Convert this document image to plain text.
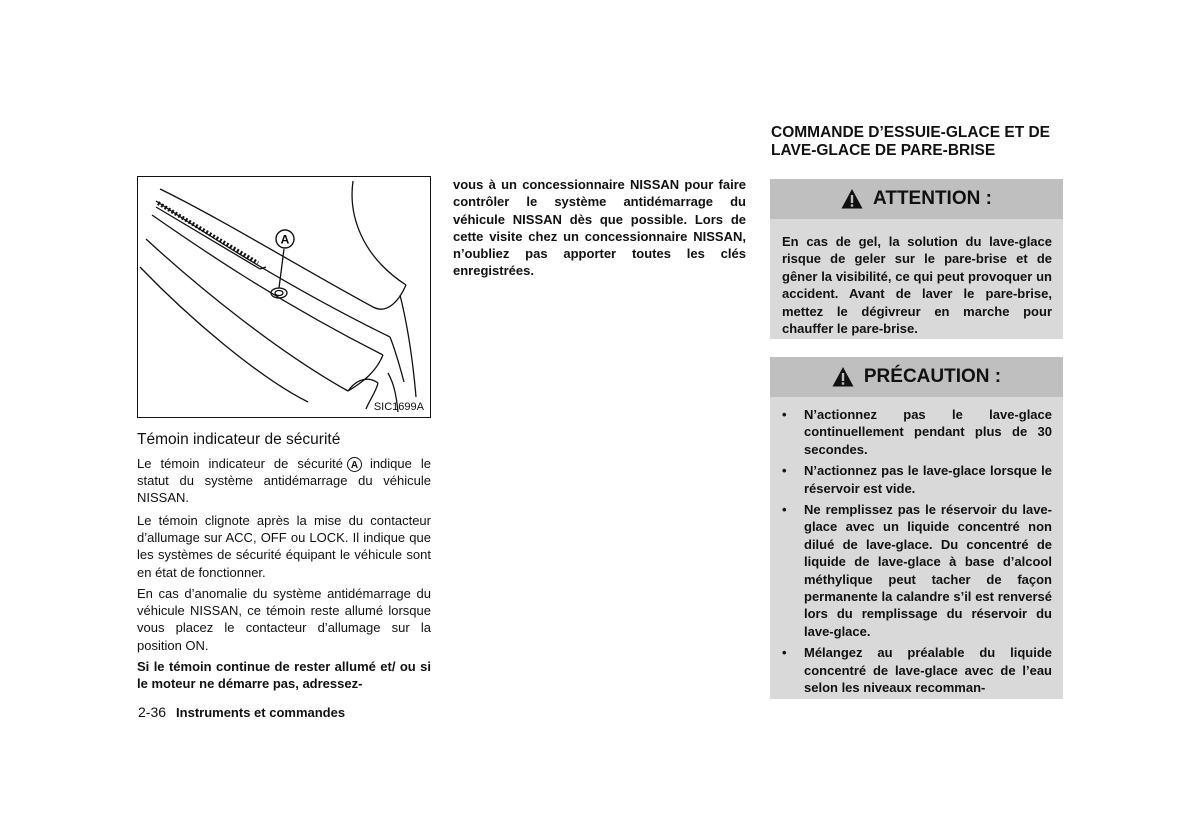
A
SIC1699A
Témoin indicateur de sécurité
Le témoin indicateur de sécurité A indique le statut du système antidémarrage du véhicule NISSAN.
Le témoin clignote après la mise du contacteur d’allumage sur ACC, OFF ou LOCK. Il indique que les systèmes de sécurité équipant le véhicule sont en état de fonctionner.
En cas d’anomalie du système antidémarrage du véhicule NISSAN, ce témoin reste allumé lorsque vous placez le contacteur d’allumage sur la position ON.
Si le témoin continue de rester allumé et/ ou si le moteur ne démarre pas, adressez-
vous à un concessionnaire NISSAN pour faire contrôler le système antidémarrage du véhicule NISSAN dès que possible. Lors de cette visite chez un concessionnaire NISSAN, n’oubliez pas apporter toutes les clés enregistrées.
COMMANDE D’ESSUIE-GLACE ET DE LAVE-GLACE DE PARE-BRISE
ATTENTION :
En cas de gel, la solution du lave-glace risque de geler sur le pare-brise et de gêner la visibilité, ce qui peut provoquer un accident. Avant de laver le pare-brise, mettez le dégivreur en marche pour chauffer le pare-brise.
PRÉCAUTION :
• N’actionnez pas le lave-glace continuellement pendant plus de 30 secondes.
• N’actionnez pas le lave-glace lorsque le réservoir est vide.
• Ne remplissez pas le réservoir du lave-glace avec un liquide concentré non dilué de lave-glace. Du concentré de liquide de lave-glace à base d’alcool méthylique peut tacher de façon permanente la calandre s’il est renversé lors du remplissage du réservoir du lave-glace.
• Mélangez au préalable du liquide concentré de lave-glace avec de l’eau selon les niveaux recomman-
2-36 Instruments et commandes
